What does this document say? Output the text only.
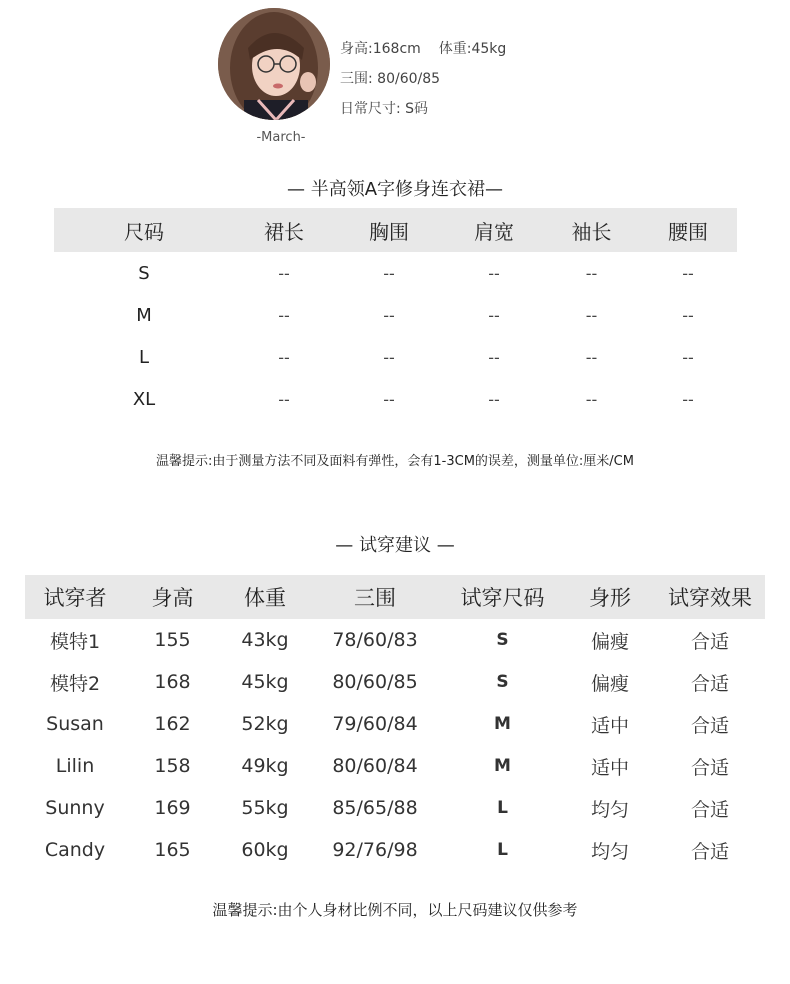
-March-
身高:168cm 体重:45kg
三围: 80/60/85
日常尺寸: S码
— 半高领A字修身连衣裙—
尺码	裙长	胸围	肩宽	袖长	腰围
S	--	--	--	--	--
M	--	--	--	--	--
L	--	--	--	--	--
XL	--	--	--	--	--
温馨提示:由于测量方法不同及面料有弹性，会有1-3CM的误差，测量单位:厘米/CM
— 试穿建议 —
试穿者	身高	体重	三围	试穿尺码	身形	试穿效果
模特1	155	43kg	78/60/83	S	偏瘦	合适
模特2	168	45kg	80/60/85	S	偏瘦	合适
Susan	162	52kg	79/60/84	M	适中	合适
Lilin	158	49kg	80/60/84	M	适中	合适
Sunny	169	55kg	85/65/88	L	均匀	合适
Candy	165	60kg	92/76/98	L	均匀	合适
温馨提示:由个人身材比例不同，以上尺码建议仅供参考
